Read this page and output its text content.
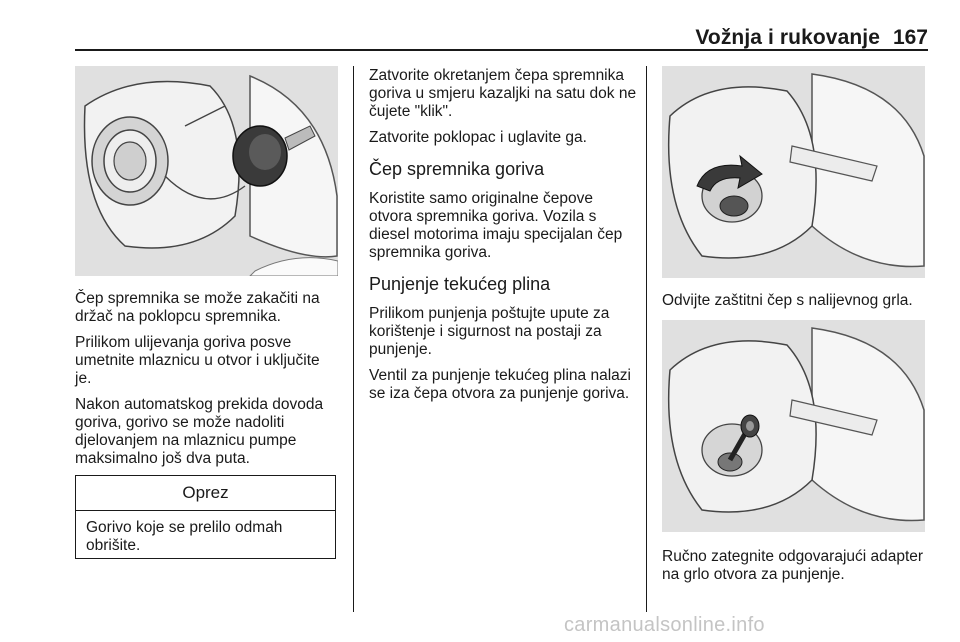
Vožnja i rukovanje 167

Čep spremnika se može zakačiti na držač na poklopcu spremnika.

Prilikom ulijevanja goriva posve umetnite mlaznicu u otvor i uključite je.

Nakon automatskog prekida dovoda goriva, gorivo se može nadoliti djelovanjem na mlaznicu pumpe maksimalno još dva puta.

Oprez
Gorivo koje se prelilo odmah obrišite.

Zatvorite okretanjem čepa spremnika goriva u smjeru kazaljki na satu dok ne čujete "klik".

Zatvorite poklopac i uglavite ga.

Čep spremnika goriva

Koristite samo originalne čepove otvora spremnika goriva. Vozila s diesel motorima imaju specijalan čep spremnika goriva.

Punjenje tekućeg plina

Prilikom punjenja poštujte upute za korištenje i sigurnost na postaji za punjenje.

Ventil za punjenje tekućeg plina nalazi se iza čepa otvora za punjenje goriva.

Odvijte zaštitni čep s nalijevnog grla.
Ručno zategnite odgovarajući adapter na grlo otvora za punjenje.
carmanualsonline.info
